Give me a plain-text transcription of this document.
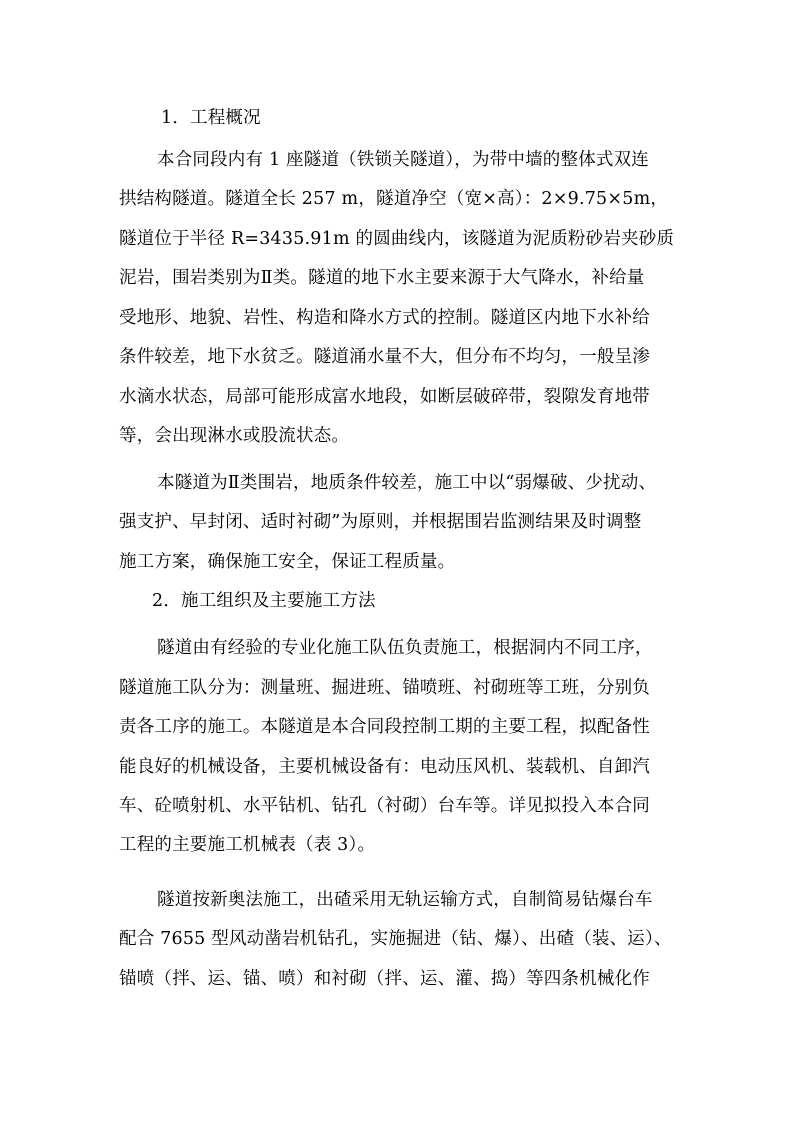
1．工程概况
本合同段内有 1 座隧道（铁锁关隧道），为带中墙的整体式双连
拱结构隧道。隧道全长 257 m，隧道净空（宽×高）：2×9.75×5m，
隧道位于半径 R=3435.91m 的圆曲线内，该隧道为泥质粉砂岩夹砂质
泥岩，围岩类别为Ⅱ类。隧道的地下水主要来源于大气降水，补给量
受地形、地貌、岩性、构造和降水方式的控制。隧道区内地下水补给
条件较差，地下水贫乏。隧道涌水量不大，但分布不均匀，一般呈渗
水滴水状态，局部可能形成富水地段，如断层破碎带，裂隙发育地带
等，会出现淋水或股流状态。
本隧道为Ⅱ类围岩，地质条件较差，施工中以“弱爆破、少扰动、
强支护、早封闭、适时衬砌”为原则，并根据围岩监测结果及时调整
施工方案，确保施工安全，保证工程质量。
2．施工组织及主要施工方法
隧道由有经验的专业化施工队伍负责施工，根据洞内不同工序，
隧道施工队分为：测量班、掘进班、锚喷班、衬砌班等工班，分别负
责各工序的施工。本隧道是本合同段控制工期的主要工程，拟配备性
能良好的机械设备，主要机械设备有：电动压风机、装载机、自卸汽
车、砼喷射机、水平钻机、钻孔（衬砌）台车等。详见拟投入本合同
工程的主要施工机械表（表 3）。
隧道按新奥法施工，出碴采用无轨运输方式，自制简易钻爆台车
配合 7655 型风动凿岩机钻孔，实施掘进（钻、爆）、出碴（装、运）、
锚喷（拌、运、锚、喷）和衬砌（拌、运、灌、捣）等四条机械化作
